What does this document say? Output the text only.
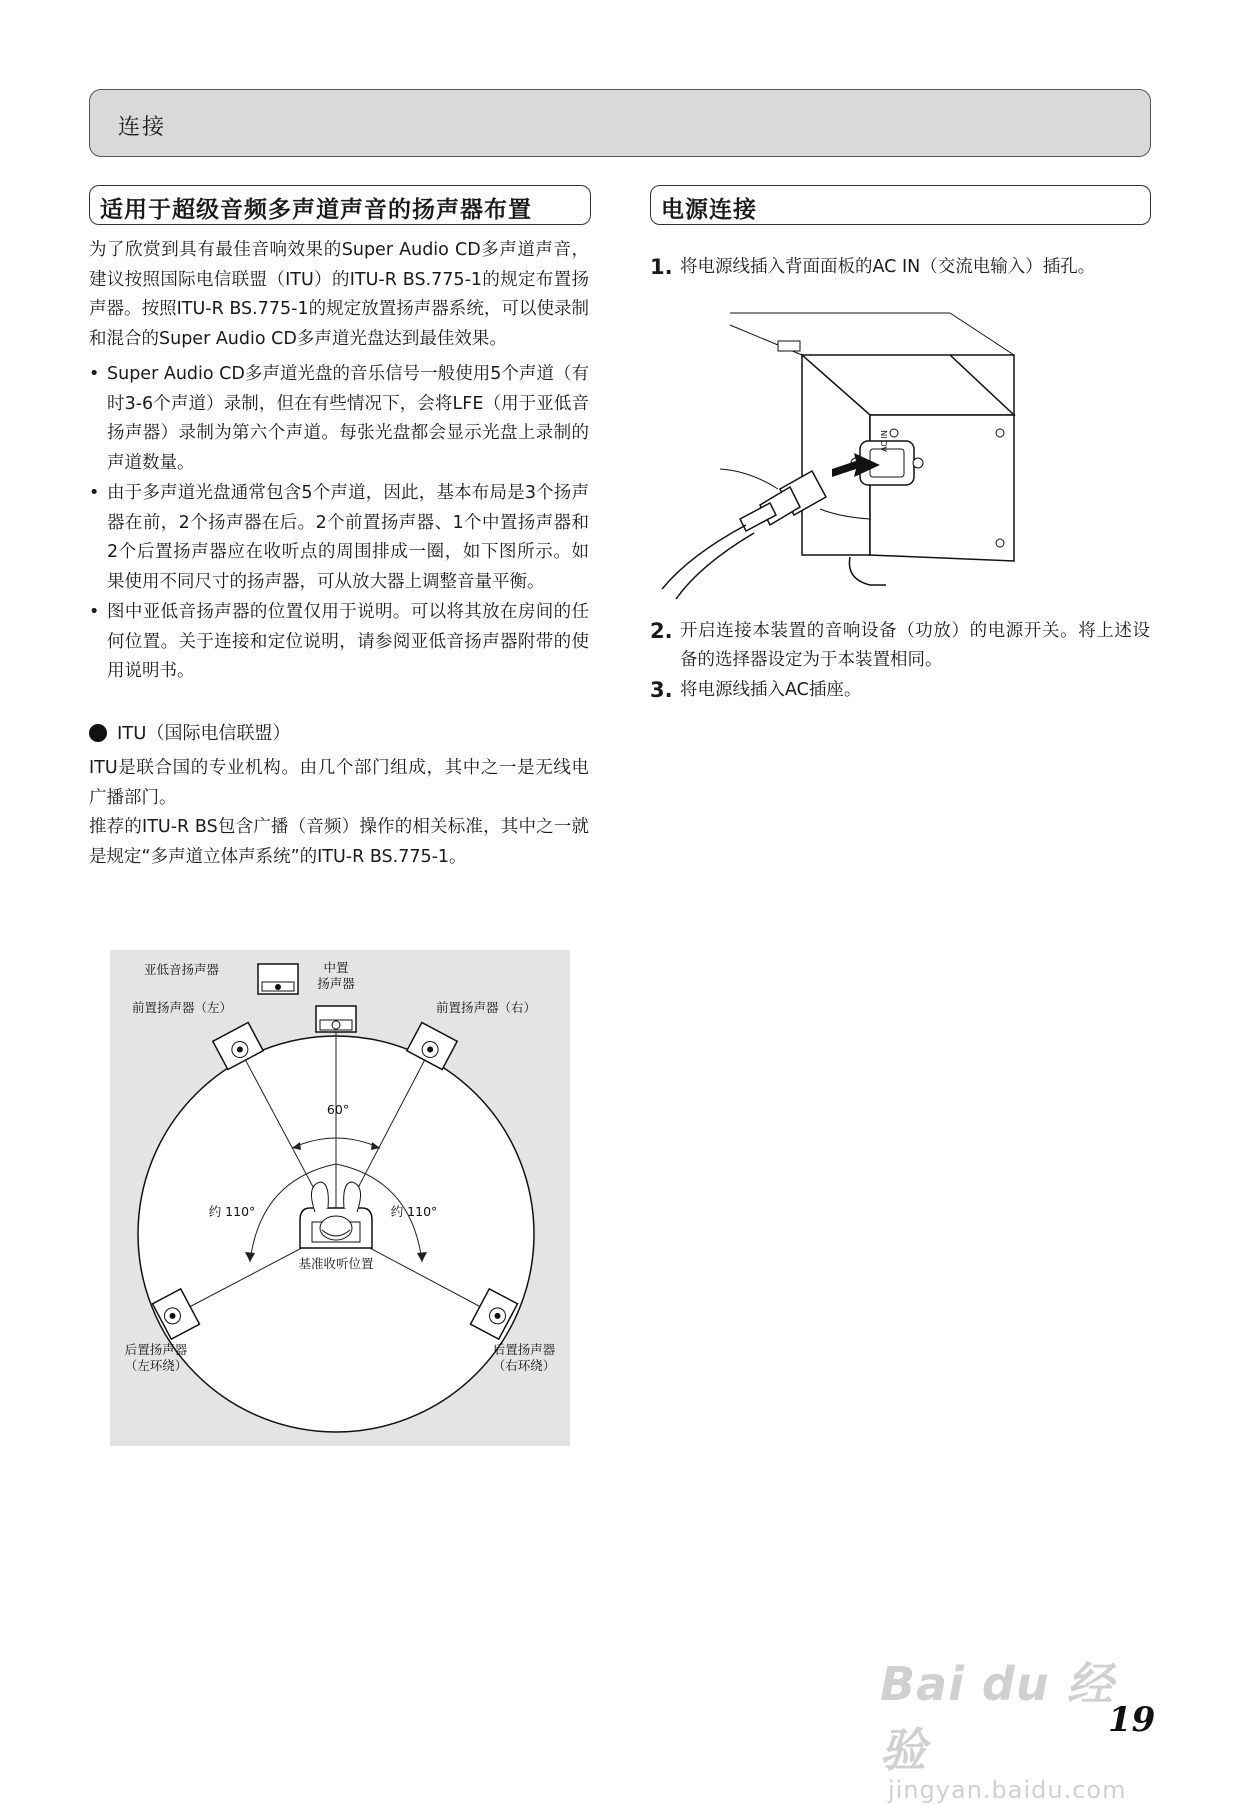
连接
适用于超级音频多声道声音的扬声器布置	电源连接

为了欣赏到具有最佳音响效果的Super Audio CD多声道声音，建议按照国际电信联盟（ITU）的ITU-R BS.775-1的规定布置扬声器。按照ITU-R BS.775-1的规定放置扬声器系统，可以使录制和混合的Super Audio CD多声道光盘达到最佳效果。

• Super Audio CD多声道光盘的音乐信号一般使用5个声道（有时3-6个声道）录制，但在有些情况下，会将LFE（用于亚低音扬声器）录制为第六个声道。每张光盘都会显示光盘上录制的声道数量。
• 由于多声道光盘通常包含5个声道，因此，基本布局是3个扬声器在前，2个扬声器在后。2个前置扬声器、1个中置扬声器和2个后置扬声器应在收听点的周围排成一圈，如下图所示。如果使用不同尺寸的扬声器，可从放大器上调整音量平衡。
• 图中亚低音扬声器的位置仅用于说明。可以将其放在房间的任何位置。关于连接和定位说明，请参阅亚低音扬声器附带的使用说明书。
ITU（国际电信联盟）

ITU是联合国的专业机构。由几个部门组成，其中之一是无线电广播部门。

推荐的ITU-R BS包含广播（音频）操作的相关标准，其中之一就是规定“多声道立体声系统”的ITU-R BS.775-1。

亚低音扬声器	中置
扬声器
前置扬声器（左）	前置扬声器（右）
60°
约 110°	约 110°
基准收听位置
后置扬声器
（左环绕）
后置扬声器
（右环绕）
1. 将电源线插入背面面板的AC IN（交流电输入）插孔。
AC IN
2. 开启连接本装置的音响设备（功放）的电源开关。将上述设备的选择器设定为于本装置相同。
3. 将电源线插入AC插座。
Bai du 经验
jingyan.baidu.com
19
